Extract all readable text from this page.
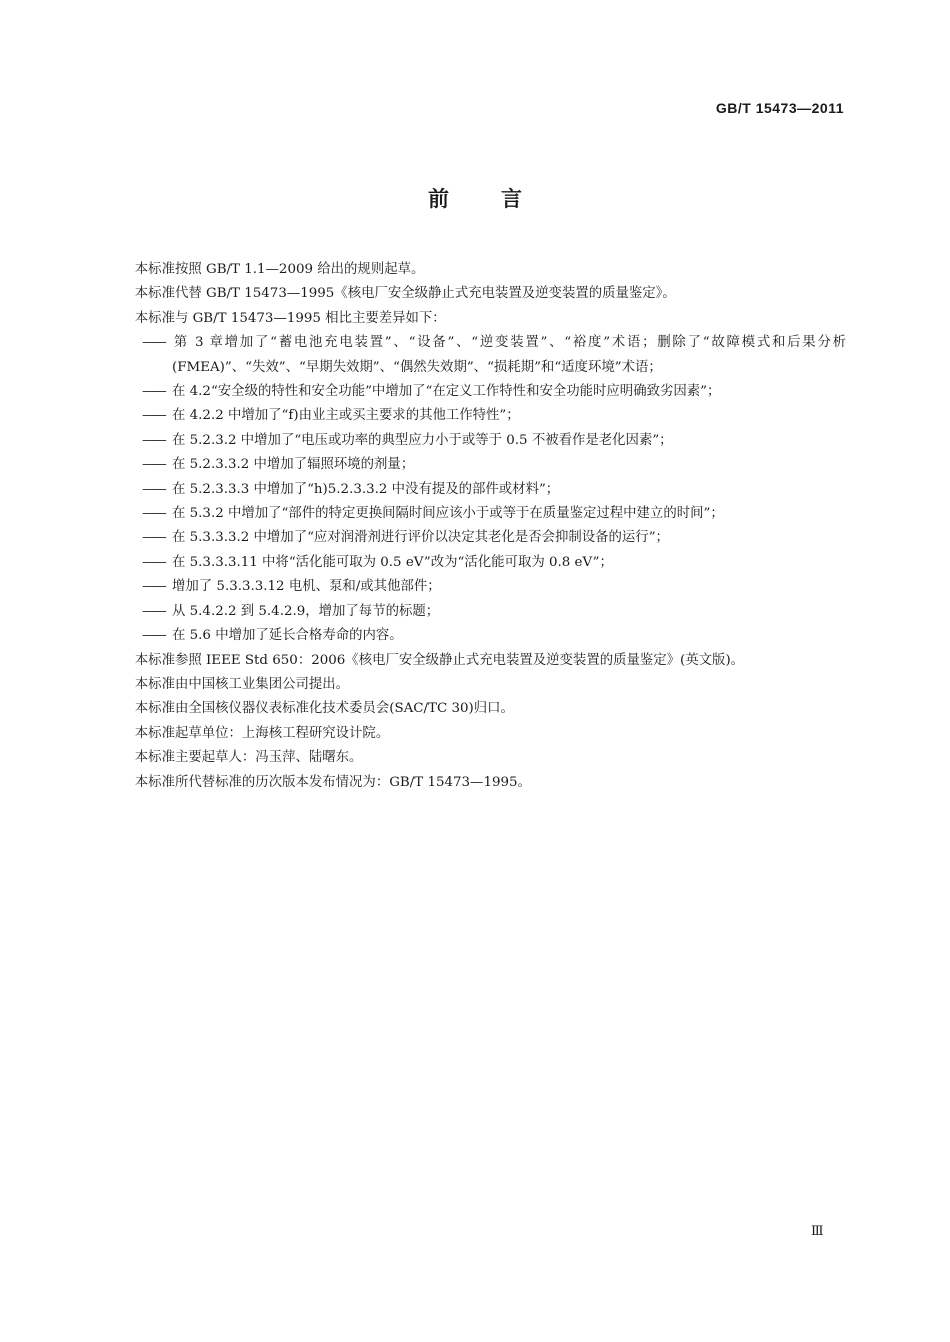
GB/T 15473—2011
前言

本标准按照 GB/T 1.1—2009 给出的规则起草。

本标准代替 GB/T 15473—1995《核电厂安全级静止式充电装置及逆变装置的质量鉴定》。

本标准与 GB/T 15473—1995 相比主要差异如下：

—— 第 3 章增加了“蓄电池充电装置”、“设备”、“逆变装置”、“裕度”术语；删除了“故障模式和后果分析(FMEA)”、“失效”、“早期失效期”、“偶然失效期”、“损耗期”和“适度环境”术语；

—— 在 4.2“安全级的特性和安全功能”中增加了“在定义工作特性和安全功能时应明确致劣因素”；

—— 在 4.2.2 中增加了“f)由业主或买主要求的其他工作特性”；

—— 在 5.2.3.2 中增加了“电压或功率的典型应力小于或等于 0.5 不被看作是老化因素”；

—— 在 5.2.3.3.2 中增加了辐照环境的剂量；

—— 在 5.2.3.3.3 中增加了“h)5.2.3.3.2 中没有提及的部件或材料”；

—— 在 5.3.2 中增加了“部件的特定更换间隔时间应该小于或等于在质量鉴定过程中建立的时间”；

—— 在 5.3.3.3.2 中增加了“应对润滑剂进行评价以决定其老化是否会抑制设备的运行”；

—— 在 5.3.3.3.11 中将“活化能可取为 0.5 eV”改为“活化能可取为 0.8 eV”；

—— 增加了 5.3.3.3.12 电机、泵和/或其他部件；

—— 从 5.4.2.2 到 5.4.2.9，增加了每节的标题；

—— 在 5.6 中增加了延长合格寿命的内容。

本标准参照 IEEE Std 650：2006《核电厂安全级静止式充电装置及逆变装置的质量鉴定》(英文版)。

本标准由中国核工业集团公司提出。

本标准由全国核仪器仪表标准化技术委员会(SAC/TC 30)归口。

本标准起草单位：上海核工程研究设计院。

本标准主要起草人：冯玉萍、陆曙东。

本标准所代替标准的历次版本发布情况为：GB/T 15473—1995。

Ⅲ
